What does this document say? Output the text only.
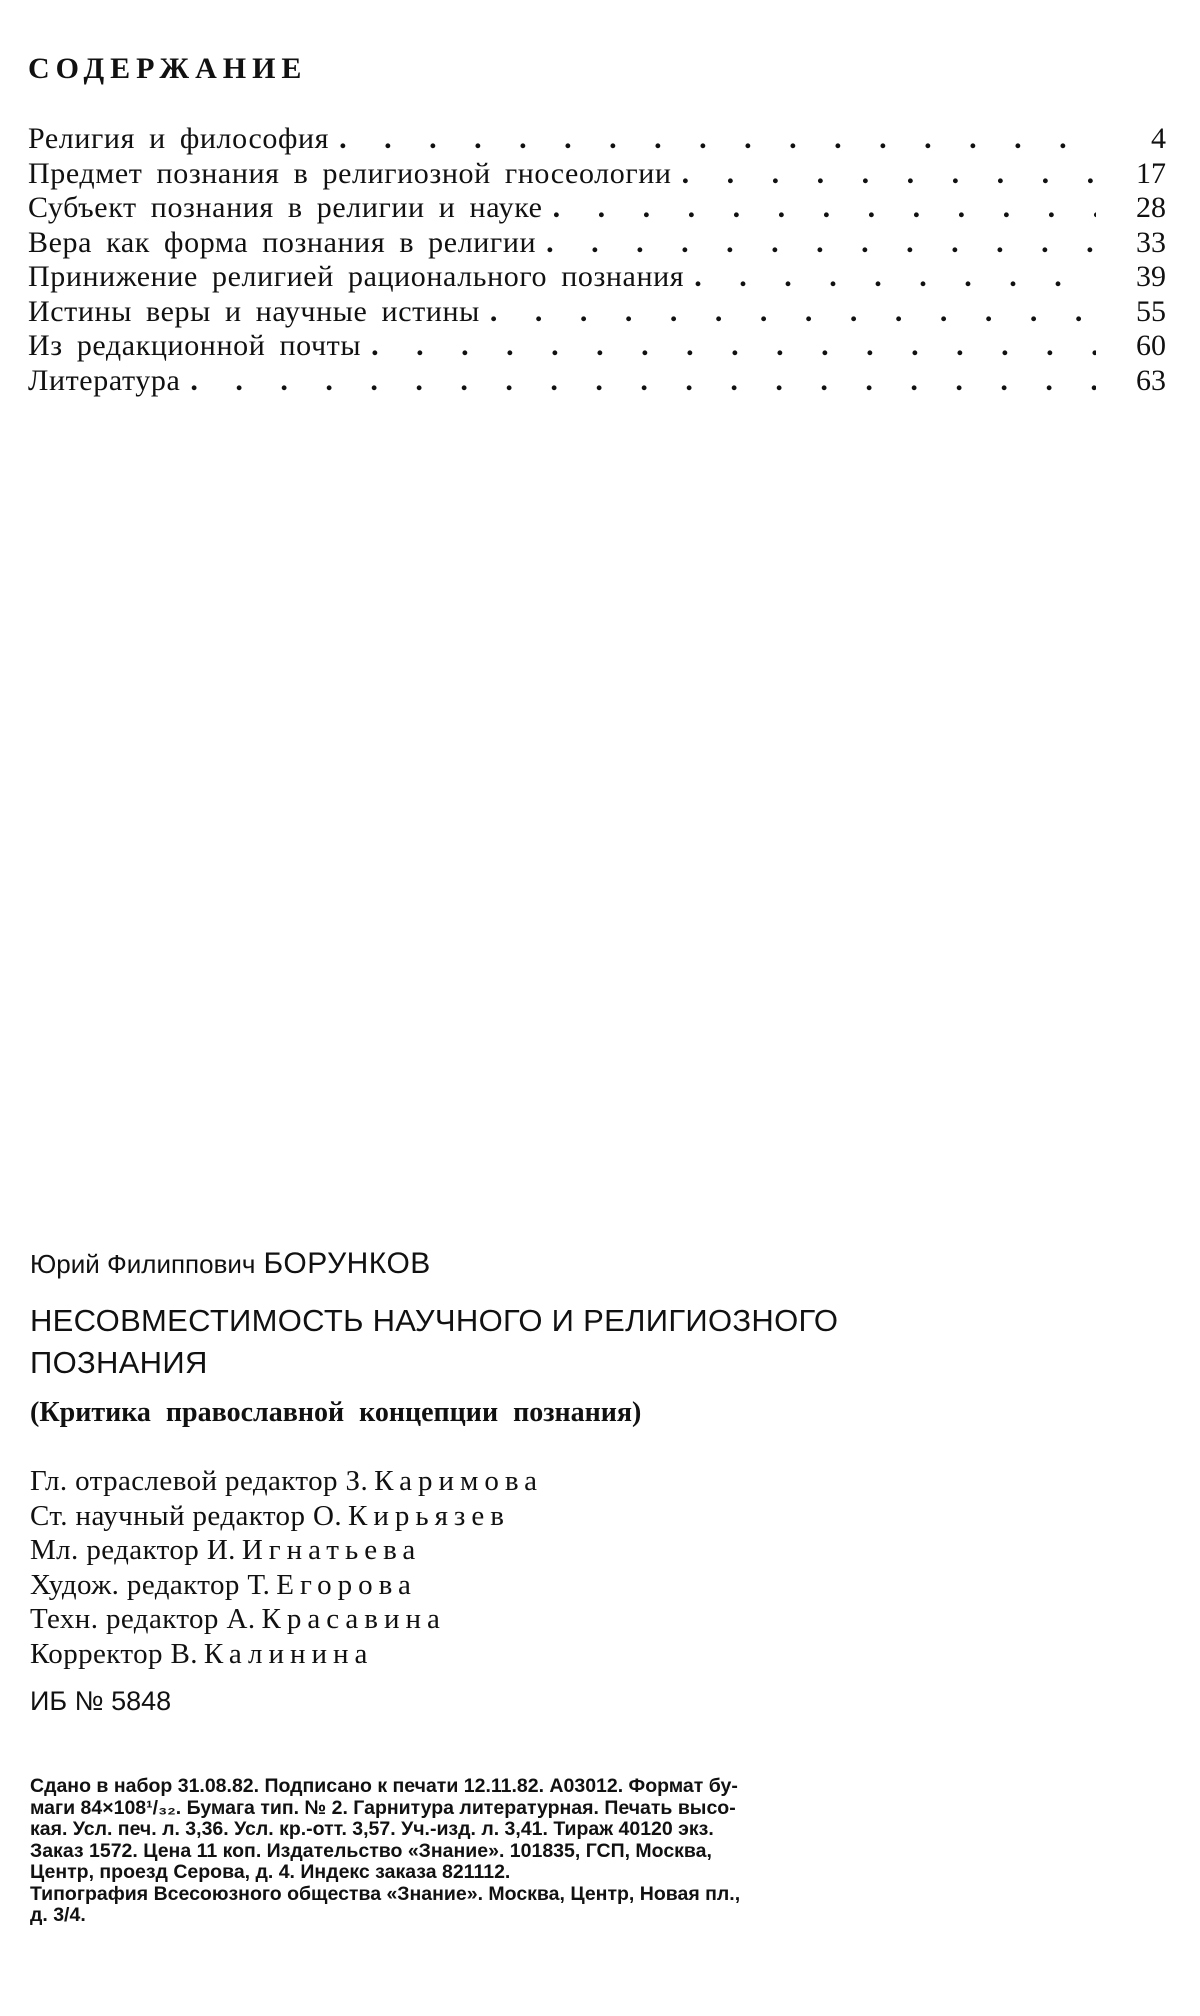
СОДЕРЖАНИЕ
Религия и философия .	4
Предмет познания в религиозной гносеологии .	17
Субъект познания в религии и науке .	28
Вера как форма познания в религии .	33
Принижение религией рационального познания .	39
Истины веры и научные истины .	55
Из редакционной почты .	60
Литература .	63
Юрий Филиппович БОРУНКОВ
НЕСОВМЕСТИМОСТЬ НАУЧНОГО И РЕЛИГИОЗНОГО
ПОЗНАНИЯ
(Критика православной концепции познания)
Гл. отраслевой редактор З. Каримова
Ст. научный редактор О. Кирьязев
Мл. редактор И. Игнатьева
Худож. редактор Т. Егорова
Техн. редактор А. Красавина
Корректор В. Калинина
ИБ № 5848

Сдано в набор 31.08.82. Подписано к печати 12.11.82. А03012. Формат бу-

маги 84×108¹/₃₂. Бумага тип. № 2. Гарнитура литературная. Печать высо-

кая. Усл. печ. л. 3,36. Усл. кр.-отт. 3,57. Уч.-изд. л. 3,41. Тираж 40120 экз.

Заказ 1572. Цена 11 коп. Издательство «Знание». 101835, ГСП, Москва,

Центр, проезд Серова, д. 4. Индекс заказа 821112.

Типография Всесоюзного общества «Знание». Москва, Центр, Новая пл.,

д. 3/4.
